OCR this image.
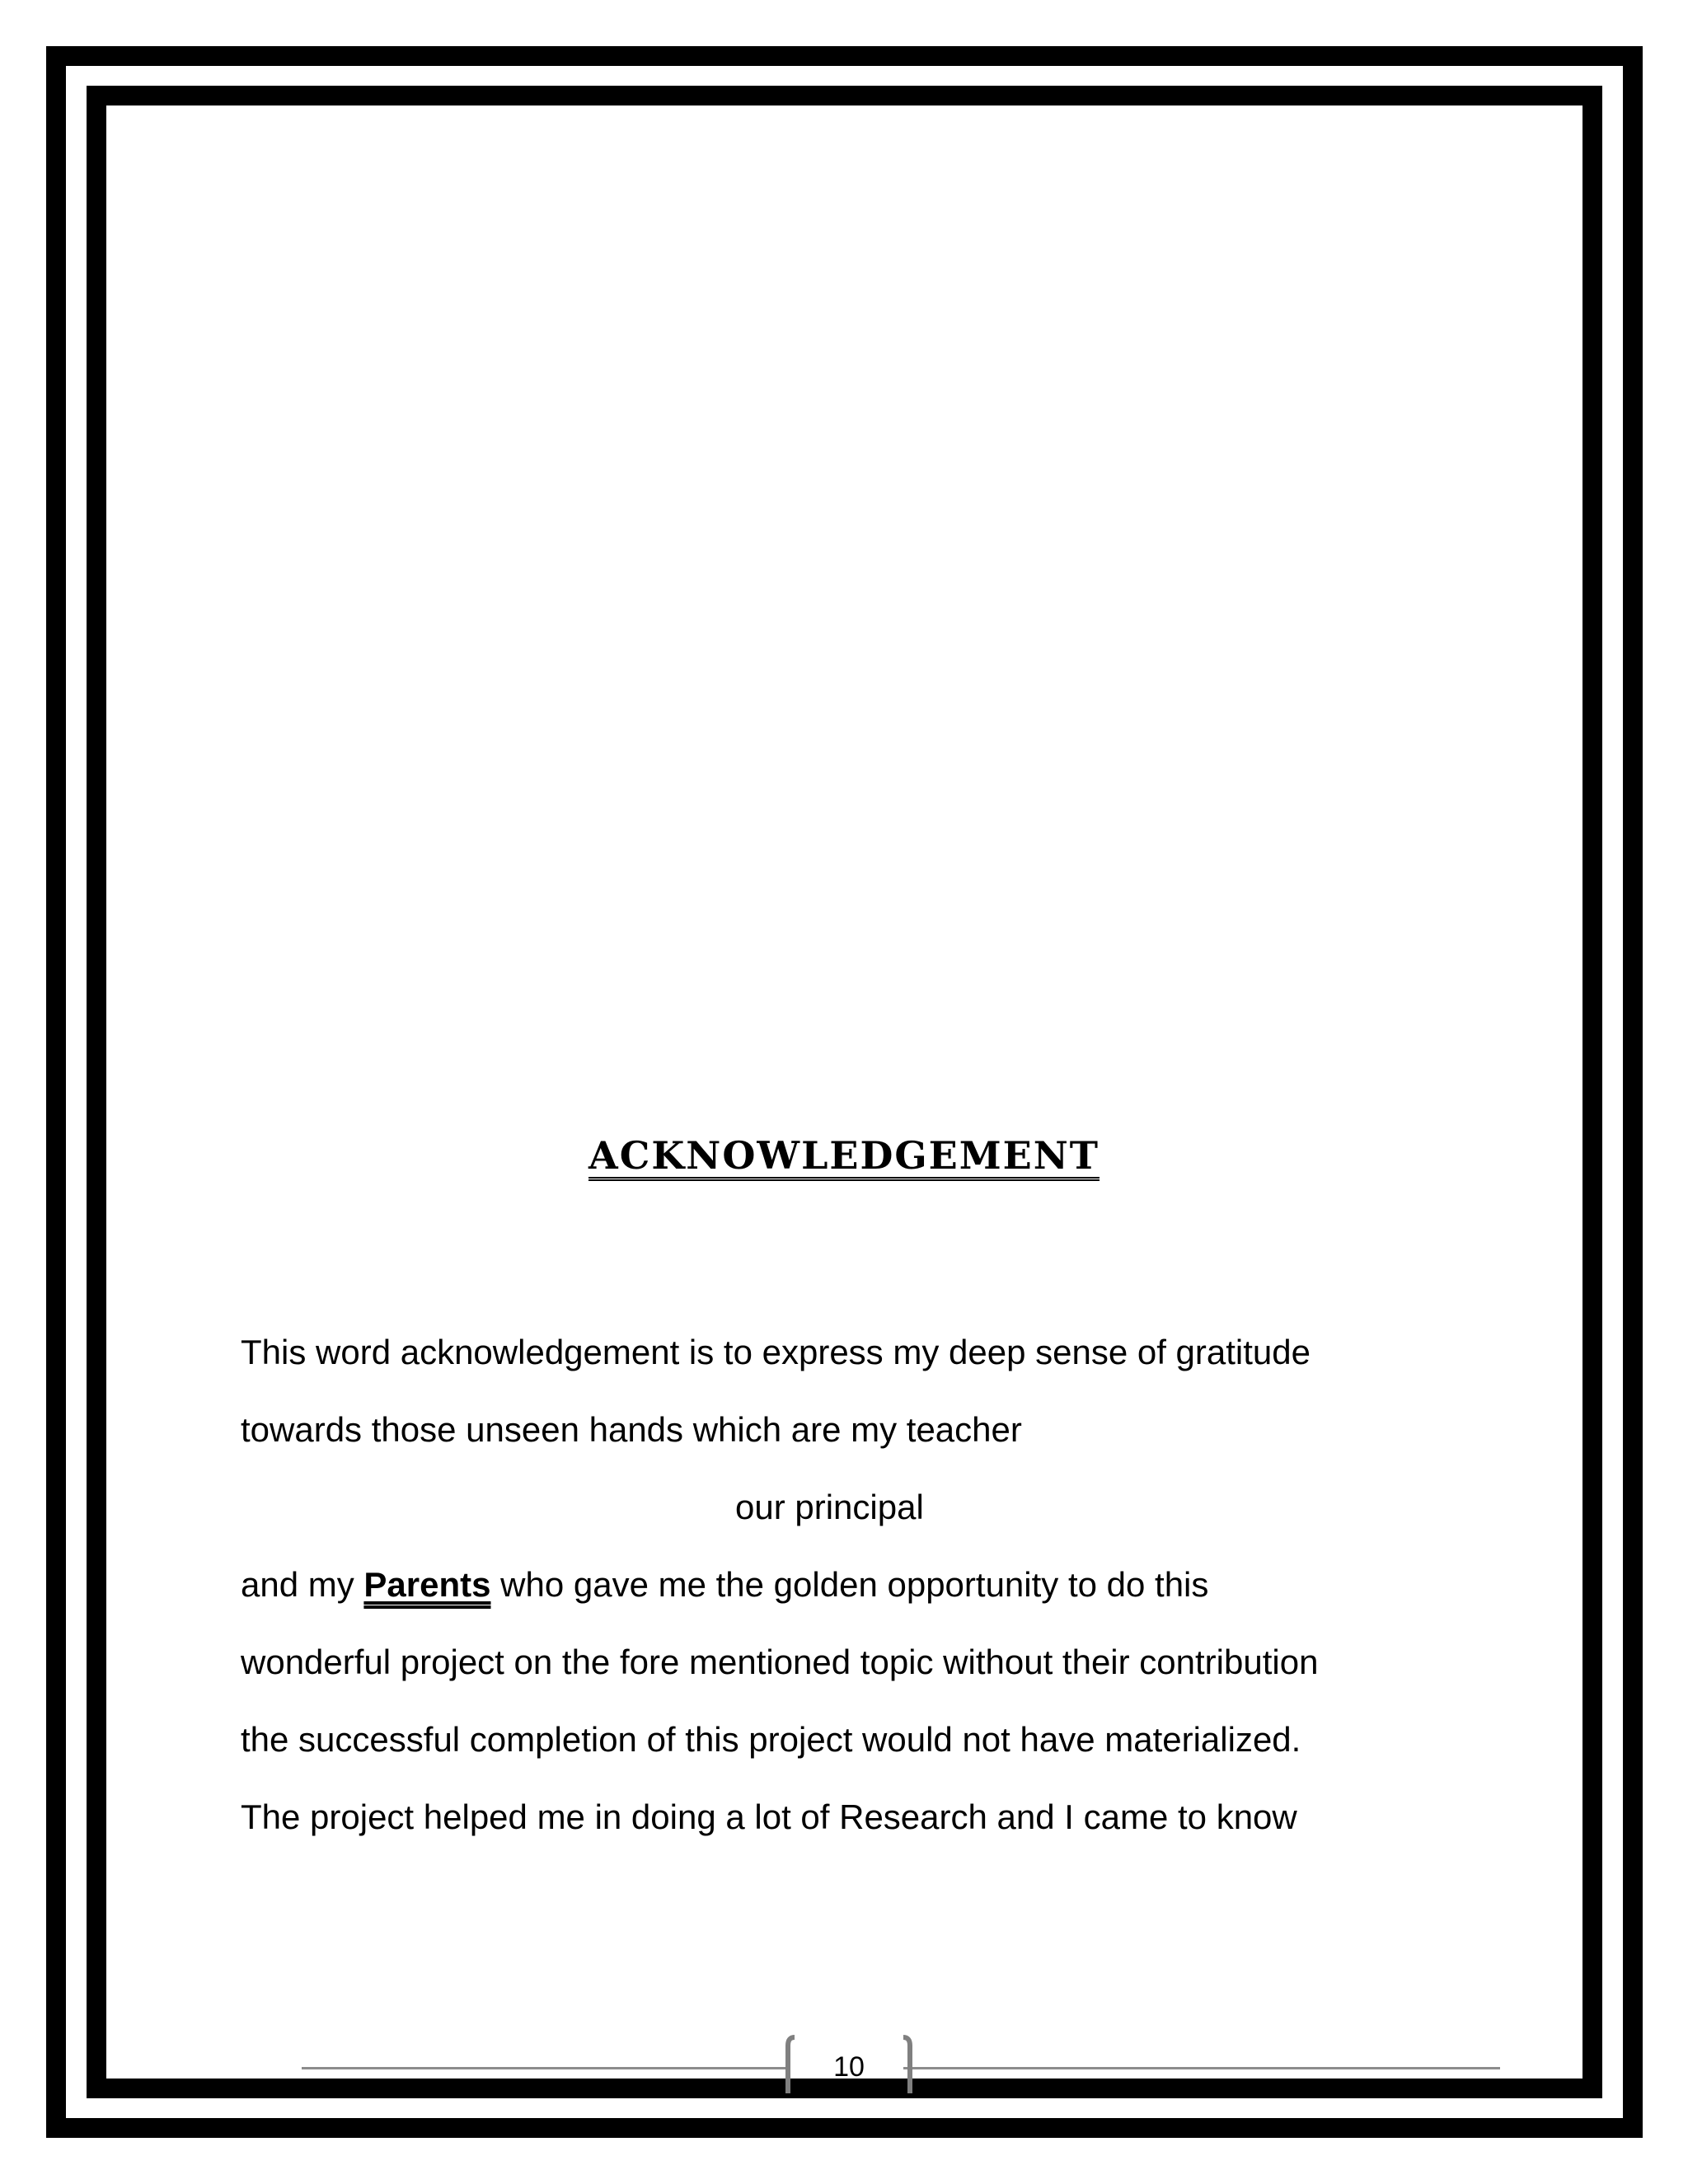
ACKNOWLEDGEMENT
This word acknowledgement is to express my deep sense of gratitude
towards those unseen hands which are my teacher
our principal
and my Parents who gave me the golden opportunity to do this
wonderful project on the fore mentioned topic without their contribution
the successful completion of this project would not have materialized.
The project helped me in doing a lot of Research and I came to know
10
